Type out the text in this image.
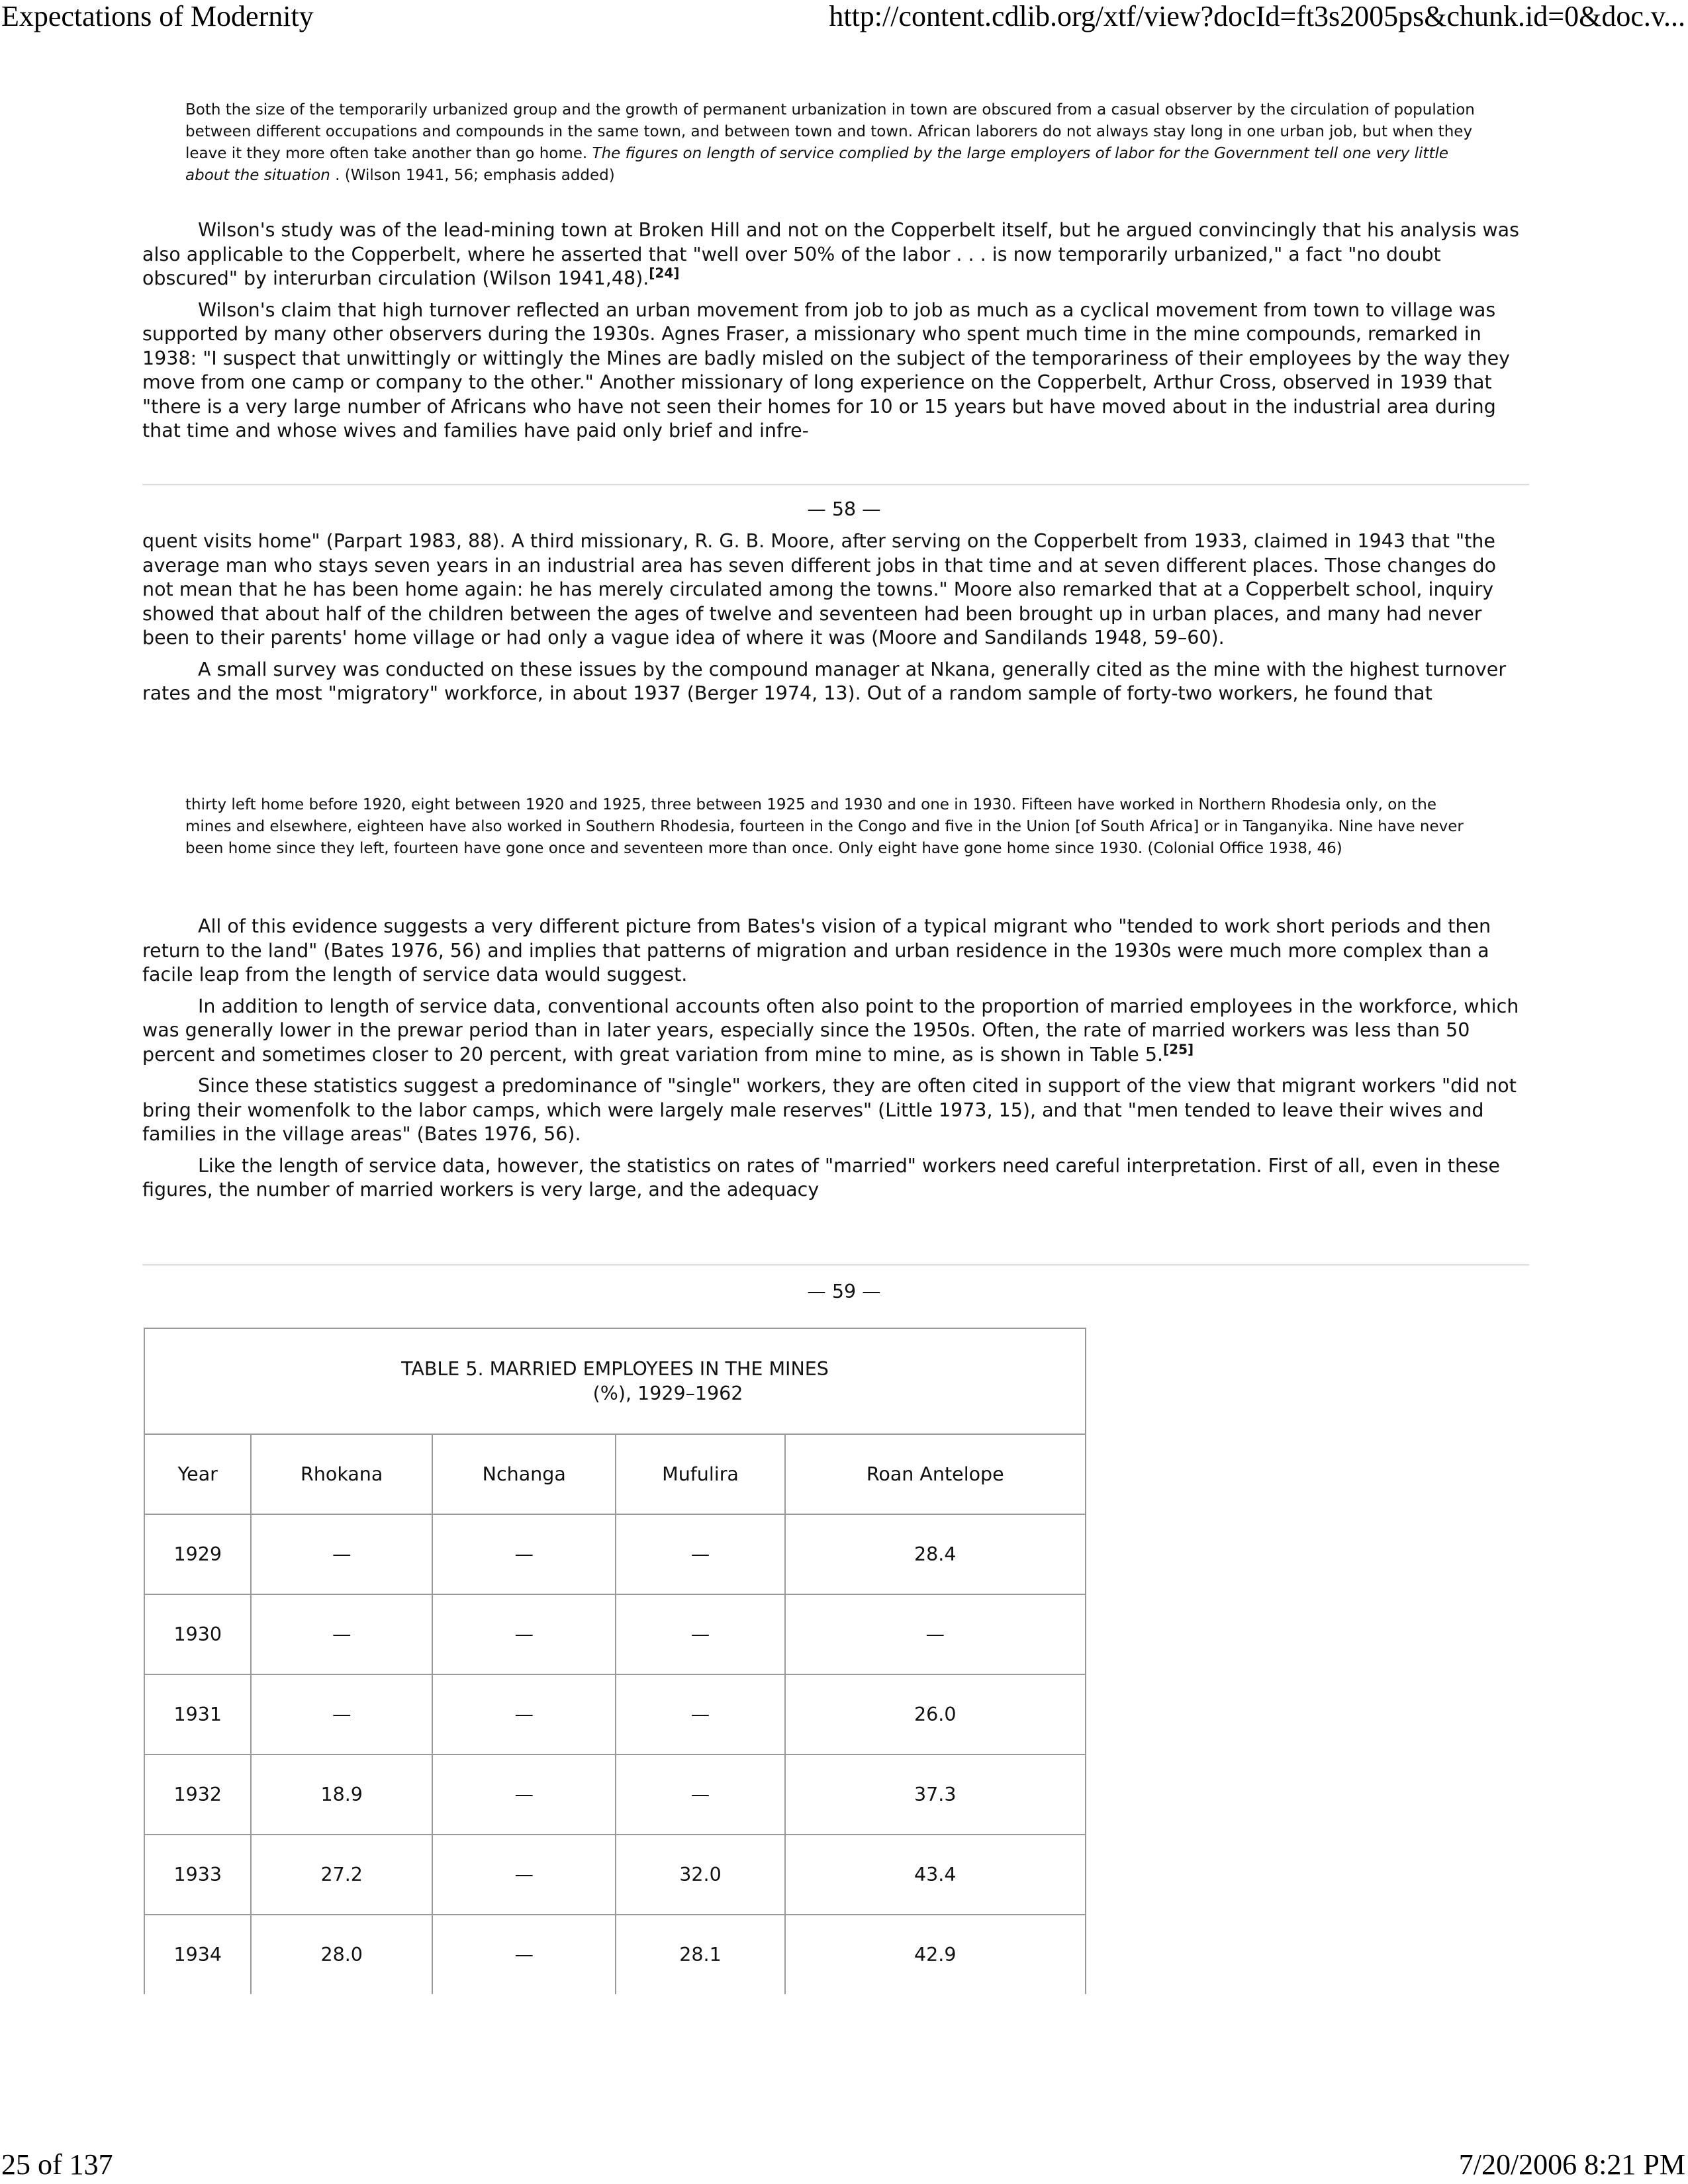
Expectations of Modernity	http://content.cdlib.org/xtf/view?docId=ft3s2005ps&chunk.id=0&doc.v...
Both the size of the temporarily urbanized group and the growth of permanent urbanization in town are obscured from a casual observer by the circulation of population between different occupations and compounds in the same town, and between town and town. African laborers do not always stay long in one urban job, but when they leave it they more often take another than go home. The figures on length of service complied by the large employers of labor for the Government tell one very little about the situation . (Wilson 1941, 56; emphasis added)

Wilson's study was of the lead-mining town at Broken Hill and not on the Copperbelt itself, but he argued convincingly that his analysis was also applicable to the Copperbelt, where he asserted that "well over 50% of the labor . . . is now temporarily urbanized," a fact "no doubt obscured" by interurban circulation (Wilson 1941,48).[24]

Wilson's claim that high turnover reflected an urban movement from job to job as much as a cyclical movement from town to village was supported by many other observers during the 1930s. Agnes Fraser, a missionary who spent much time in the mine compounds, remarked in 1938: "I suspect that unwittingly or wittingly the Mines are badly misled on the subject of the temporariness of their employees by the way they move from one camp or company to the other." Another missionary of long experience on the Copperbelt, Arthur Cross, observed in 1939 that "there is a very large number of Africans who have not seen their homes for 10 or 15 years but have moved about in the industrial area during that time and whose wives and families have paid only brief and infre-

— 58 —

quent visits home" (Parpart 1983, 88). A third missionary, R. G. B. Moore, after serving on the Copperbelt from 1933, claimed in 1943 that "the average man who stays seven years in an industrial area has seven different jobs in that time and at seven different places. Those changes do not mean that he has been home again: he has merely circulated among the towns." Moore also remarked that at a Copperbelt school, inquiry showed that about half of the children between the ages of twelve and seventeen had been brought up in urban places, and many had never been to their parents' home village or had only a vague idea of where it was (Moore and Sandilands 1948, 59–60).

A small survey was conducted on these issues by the compound manager at Nkana, generally cited as the mine with the highest turnover rates and the most "migratory" workforce, in about 1937 (Berger 1974, 13). Out of a random sample of forty-two workers, he found that

thirty left home before 1920, eight between 1920 and 1925, three between 1925 and 1930 and one in 1930. Fifteen have worked in Northern Rhodesia only, on the mines and elsewhere, eighteen have also worked in Southern Rhodesia, fourteen in the Congo and five in the Union [of South Africa] or in Tanganyika. Nine have never been home since they left, fourteen have gone once and seventeen more than once. Only eight have gone home since 1930. (Colonial Office 1938, 46)

All of this evidence suggests a very different picture from Bates's vision of a typical migrant who "tended to work short periods and then return to the land" (Bates 1976, 56) and implies that patterns of migration and urban residence in the 1930s were much more complex than a facile leap from the length of service data would suggest.

In addition to length of service data, conventional accounts often also point to the proportion of married employees in the workforce, which was generally lower in the prewar period than in later years, especially since the 1950s. Often, the rate of married workers was less than 50 percent and sometimes closer to 20 percent, with great variation from mine to mine, as is shown in Table 5.[25]

Since these statistics suggest a predominance of "single" workers, they are often cited in support of the view that migrant workers "did not bring their womenfolk to the labor camps, which were largely male reserves" (Little 1973, 15), and that "men tended to leave their wives and families in the village areas" (Bates 1976, 56).

Like the length of service data, however, the statistics on rates of "married" workers need careful interpretation. First of all, even in these figures, the number of married workers is very large, and the adequacy

— 59 —
TABLE 5. MARRIED EMPLOYEES IN THE MINES
(%), 1929–1962				
Year	Rhokana	Nchanga	Mufulira	Roan Antelope
1929	—	—	—	28.4
1930	—	—	—	—
1931	—	—	—	26.0
1932	18.9	—	—	37.3
1933	27.2	—	32.0	43.4
1934	28.0	—	28.1	42.9
25 of 137	7/20/2006 8:21 PM
